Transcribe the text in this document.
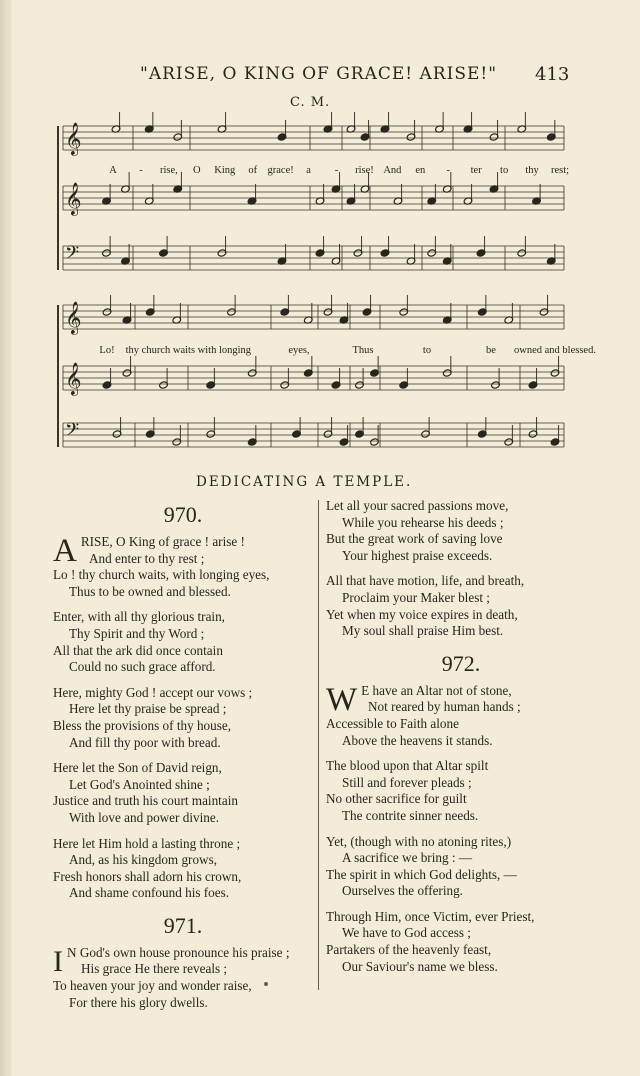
"ARISE, O KING OF GRACE! ARISE!" 413
C. M.
𝄞
𝄞
𝄢
𝄞
𝄞
𝄢
A - rise, O King of grace! a - rise! And en - ter to thy rest;
Lo! thy church waits with longing	eyes,	Thus	to	be owned and blessed.
DEDICATING A TEMPLE.
970.
A RISE, O King of grace ! arise !
And enter to thy rest ;
Lo ! thy church waits, with longing eyes,
Thus to be owned and blessed.
Enter, with all thy glorious train,
Thy Spirit and thy Word ;
All that the ark did once contain
Could no such grace afford.
Here, mighty God ! accept our vows ;
Here let thy praise be spread ;
Bless the provisions of thy house,
And fill thy poor with bread.
Here let the Son of David reign,
Let God's Anointed shine ;
Justice and truth his court maintain
With love and power divine.
Here let Him hold a lasting throne ;
And, as his kingdom grows,
Fresh honors shall adorn his crown,
And shame confound his foes.
971.
I N God's own house pronounce his praise ;
His grace He there reveals ;
To heaven your joy and wonder raise,
For there his glory dwells.
Let all your sacred passions move,
While you rehearse his deeds ;
But the great work of saving love
Your highest praise exceeds.
All that have motion, life, and breath,
Proclaim your Maker blest ;
Yet when my voice expires in death,
My soul shall praise Him best.
972.
W E have an Altar not of stone,
Not reared by human hands ;
Accessible to Faith alone
Above the heavens it stands.
The blood upon that Altar spilt
Still and forever pleads ;
No other sacrifice for guilt
The contrite sinner needs.
Yet, (though with no atoning rites,)
A sacrifice we bring : —
The spirit in which God delights, —
Ourselves the offering.
Through Him, once Victim, ever Priest,
We have to God access ;
Partakers of the heavenly feast,
Our Saviour's name we bless.
